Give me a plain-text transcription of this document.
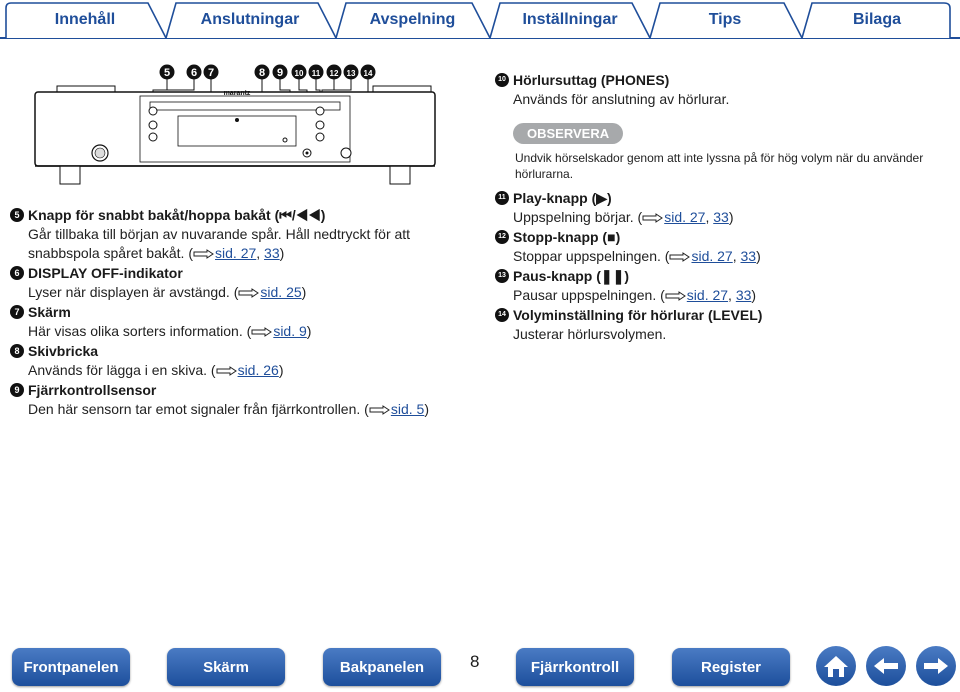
Innehåll	Anslutningar	Avspelning	Inställningar	Tips	Bilaga
5 6 7	8 9 10 11 12 13 14
marantz
5 Knapp för snabbt bakåt/hoppa bakåt ( ⏮/◀◀ )
Går tillbaka till början av nuvarande spår. Håll nedtryckt för att snabbspola spåret bakåt. ( sid. 27, 33)
6 DISPLAY OFF-indikator
Lyser när displayen är avstängd. ( sid. 25)
7 Skärm
Här visas olika sorters information. ( sid. 9)
8 Skivbricka
Används för lägga i en skiva. ( sid. 26)
9 Fjärrkontrollsensor
Den här sensorn tar emot signaler från fjärrkontrollen. ( sid. 5)
10 Hörlursuttag (PHONES)
Används för anslutning av hörlurar.
OBSERVERA
Undvik hörselskador genom att inte lyssna på för hög volym när du använder hörlurarna.
11 Play-knapp ( ▶ )
Uppspelning börjar. ( sid. 27, 33)
12 Stopp-knapp ( ■ )
Stoppar uppspelningen. ( sid. 27, 33)
13 Paus-knapp ( ❚❚ )
Pausar uppspelningen. ( sid. 27, 33)
14 Volyminställning för hörlurar (LEVEL)
Justerar hörlursvolymen.
Frontpanelen	Skärm	Bakpanelen	8	Fjärrkontroll	Register
